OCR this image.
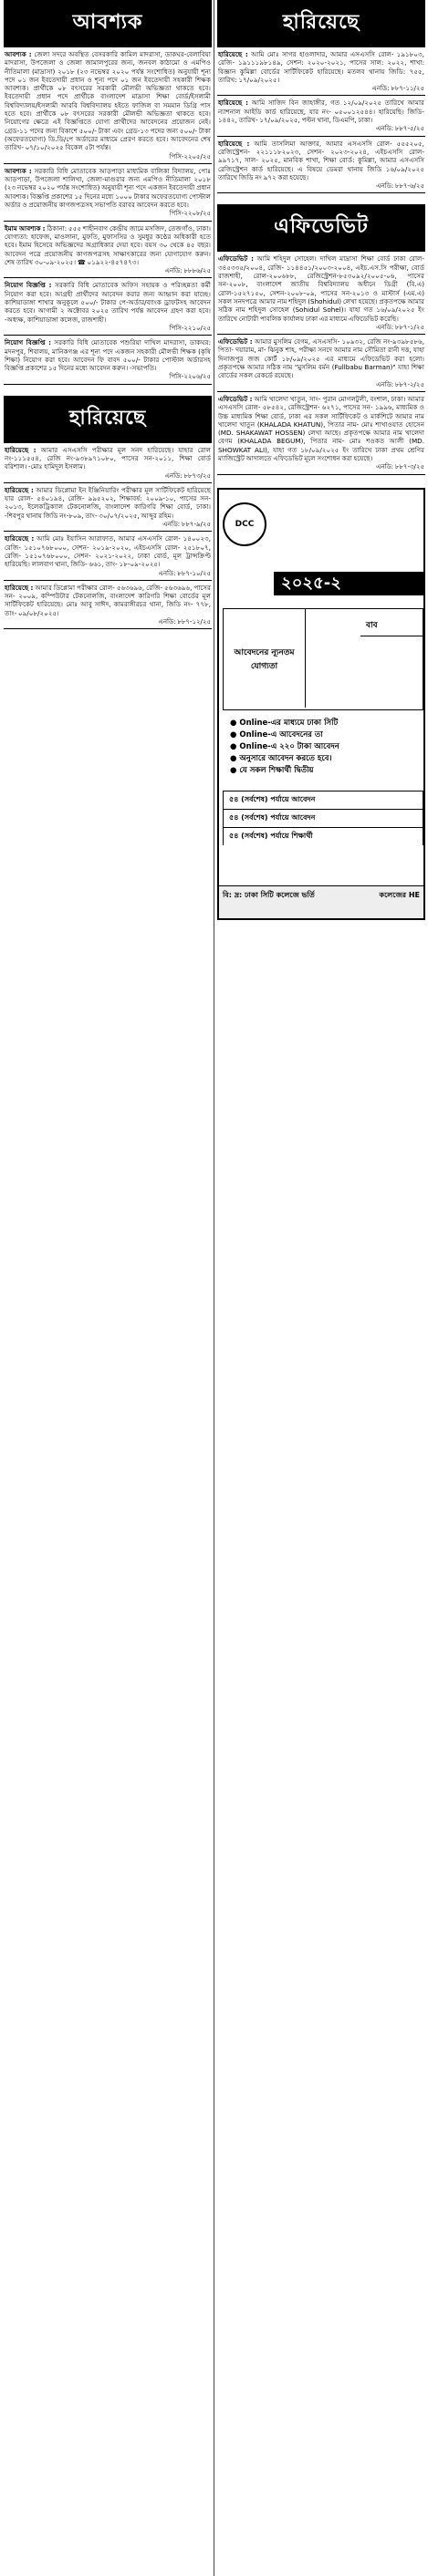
আবশ্যক
আবশ্যক : জেলা সদরে অবস্থিত বেসরকারি কামিল মাদরাসা, ডাকঘর-বেলাবিয়া মাদরাসা, উপজেলা ও জেলা জামালপুরের জন্য, জনবল কাঠামো ও এমপিও নীতিমালা (মাদ্রাসা) ২০১৮ (২৩ নভেম্বর ২০২০ পর্যন্ত সংশোধিত) অনুযায়ী শূন্য পদে ০১ জন ইবতেদায়ী প্রধান ও শূন্য পদে ০১ জন ইবতেদায়ী সহকারী শিক্ষক আবশ্যক। প্রার্থীকে ০৮ বৎসরের সরকারী মৌলভী অভিজ্ঞতা থাকতে হবে। ইবতেদায়ী প্রধান পদে প্রার্থীকে বাংলাদেশ মাদ্রাসা শিক্ষা বোর্ড/ইসলামী বিশ্ববিদ্যালয়/ইসলামী আরবি বিশ্ববিদ্যালয় হইতে ফাজিল বা সমমান ডিগ্রি পাস হতে হবে। প্রার্থীকে ০৮ বৎসরের সরকারী মৌলভী অভিজ্ঞতা থাকতে হবে। নিয়োগের ক্ষেত্রে এই বিজ্ঞপ্তিতে যোগ্য প্রার্থীদের আবেদনের প্রয়োজন নেই। গ্রেড-১১ পদের জন্য বিকাশে ৫০০/- টাকা এবং গ্রেড-১৩ পদের জন্য ৫০০/- টাকা (অফেরতযোগ্য) ডি.ডি/পে অর্ডারের মাধ্যমে প্রেরণ করতে হবে। আবেদনের শেষ তারিখ- ০৭/১০/২০২৫ বিকেল ৫টা পর্যন্ত।
পিসি-২২০৫/২৫
আবশ্যক : সরকারি বিধি মোতাবেক আড়পাড়া মাধ্যমিক বালিকা বিদ্যালয়, পোঃ আড়পাড়া, উপজেলা শালিখা, জেলা-মাগুরার জন্য এমপিও নীতিমালা ২০১৮ (২৩ নভেম্বর ২০২০ পর্যন্ত সংশোধিত) অনুযায়ী শূন্য পদে একজন ইবতেদায়ী প্রধান আবশ্যক। বিজ্ঞপ্তি প্রকাশের ১৫ দিনের মধ্যে ১০০০ টাকার অফেরতযোগ্য পোস্টাল অর্ডার ও প্রয়োজনীয় কাগজপত্রসহ সভাপতি বরাবর আবেদন করতে হবে।
পিসি-২২০৮/২৫
ইমাম আবশ্যক : ঠিকানা: ৫৫৫ শাহীনবাগ কেন্দ্রীয় জামে মসজিদ, তেজগাঁও, ঢাকা। যোগ্যতা: হাফেজ, মাওলানা, মুফতি, মুফাসসির ও সুমধুর কণ্ঠের অধিকারী হতে হবে। ইমাম হিসেবে অভিজ্ঞদের অগ্রাধিকার দেয়া হবে। বয়স ৩০ থেকে ৪৫ বছর। আবেদন পত্রে প্রয়োজনীয় কাগজপত্রসহ সাক্ষাৎকারের জন্য যোগাযোগ করুন। শেষ তারিখ ৩০-০৯-২০২৫। ☎ ০১৯২২-৪৫৭৪৭৩।
এনডি: ৮৮৮৬/২৫
নিয়োগ বিজ্ঞপ্তি : সরকারি বিধি মোতাবেক অফিস সহায়ক ও পরিচ্ছন্নতা কর্মী নিয়োগ করা হবে। আগ্রহী প্রার্থীদের আবেদন করার জন্য আহ্বান করা যাচ্ছে। কাশিয়াডাঙ্গা শাখার অনুকূলে ৫০০/- টাকার পে-অর্ডার/ব্যাংক ড্রাফটসহ আবেদন করতে হবে। আগামী ২ অক্টোবর ২০২৫ তারিখ পর্যন্ত আবেদন গ্রহণ করা হবে। -অধ্যক্ষ, কাশিয়াডাঙ্গা কলেজ, রাজশাহী।
পিসি-২২১০/২৫
নিয়োগ বিজ্ঞপ্তি : সরকারি বিধি মোতাবেক পশুরিয়া দাখিল মাদরাসা, ডাকঘর: মদনপুর, শিবালয়, মানিকগঞ্জ এর শূন্য পদে একজন সহকারী মৌলভী শিক্ষক (কৃষি শিক্ষা) নিয়োগ করা হবে। আবেদন ফি বাবদ ৫০০/- টাকার পোস্টাল অর্ডারসহ বিজ্ঞপ্তি প্রকাশের ১৫ দিনের মধ্যে আবেদন করুন। -সভাপতি।
পিসি-২২০৬/২৫
হারিয়েছে
হারিয়েছে : আমার এসএসসি পরীক্ষার মূল সনদ হারিয়েছে। যাহার রোল নং-১১১৫৫৪, রেজি নং-৯৩৮৯৭১০৮০, পাসের সন-২০১১, শিক্ষা বোর্ড বরিশাল। -মোঃ হামিদুল ইসলাম।
এনডি: ৮৮৭৩/২৫
হারিয়েছে : আমার ডিপ্লোমা ইন ইঞ্জিনিয়ারিং পরীক্ষার মূল সার্টিফিকেট হারিয়েছে যার রোল- ৫৪০১৯৪, রেজি- ৯৯৫২০২, শিক্ষাবর্ষ: ২০০৯-১০, পাসের সন- ২০১৩, ইলেকট্রিক্যাল টেকনোলজি, বাংলাদেশ কারিগরি শিক্ষা বোর্ড, ঢাকা। -শিবপুর থানায় জিডি নং-৮০৯, তাং- ৩০/০৭/২০২৫, আব্দুর রহিম।
এনডি: ৮৮৭-৯/২৫
হারিয়েছে : আমি মোঃ ইয়াসিন আরাফাত, আমার এসএসসি রোল- ১৪০০২৩, রেজি- ১৫১০৭৬৮০০০, সেশন- ২০১৯-২০২০, এইচএসসি রোল- ২৫১৮০৭, রেজি- ১৫১০৭৬৮০০০, সেশন- ২০২১-২০২২, ঢাকা বোর্ড, মূল ট্রান্সক্রিপ্ট হারিয়েছি। লালবাগ থানা, জিডি- ৬৬১, তাং- ১৮-০৯-২০২৫।
এনডি: ৮৮৭-১০/২৫
হারিয়েছে : আমার ডিপ্লোমা পরীক্ষার রোল- ৫৬৩৬৯৬, রেজি- ৫৬৩৬৯৬, পাসের সন- ২০০৯, কম্পিউটার টেকনোলজি, বাংলাদেশ কারিগরি শিক্ষা বোর্ডের মূল সার্টিফিকেট হারিয়েছে। মোঃ আবু সাঈদ, কামরাঙ্গীরচর থানা, জিডি নং- ৭৭৮, তাং- ০৯/০৮/২০২৫।
এনডি: ৮৮৭-১২/২৫
হারিয়েছে
হারিয়েছে : আমি মোঃ সাগর হাওলাদার, আমার এসএসসি রোল- ১৯১৮০৩, রেজি- ১৯১১১৯৮১৪৯, সেশন: ২০২০-২০২১, পাসের সাল: ২০২২, শাখা: বিজ্ঞান কুমিল্লা বোর্ডের সার্টিফিকেট হারিয়েছে। মতলব থানায় জিডি: ৭৫৫, তারিখ: ১৭/০৯/২০২৫।
এনডি: ৮৮৭-১১/২৫
হারিয়েছে : আমি সাজিদ বিন জাহাঙ্গীর, গত ১২/০৯/২০২৫ তারিখে আমার ন্যাশনাল আইডি কার্ড হারিয়েছে, যার নং- ০৫০০১২৫৪৪। হারিয়েছি। জিডি- ১৪৪২, তারিখ- ১৭/০৯/২০২৫, পল্টন থানা, ডিএমপি, ঢাকা।
এনডি: ৮৮৭-৫/২৫
হারিয়েছে : আমি তাসলিমা আক্তার, আমার এসএসসি রোল- ৫৫৫২০৫, রেজিস্ট্রেশন- ২২১১১৮২০২৩, সেশন- ২০২৩-২০২৪, এইচএসসি রোল- ৯৯৭১৭, সাল- ২০২৫, মানবিক শাখা, শিক্ষা বোর্ড: কুমিল্লা, আমার এসএসসি রেজিস্ট্রেশন কার্ড হারিয়েছে। এ বিষয়ে ডেমরা থানায় জিডি ১৬/০৯/২০২৫ তারিখে জিডি নং ৯৭২ করা হয়েছে।
এনডি: ৮৮৭-৬/২৫
এফিডেভিট
এফিডেভিট : আমি শহিদুল সোহেল। দাখিল মাদ্রাসা শিক্ষা বোর্ড ঢাকা রোল- ৩৪৫৩৩৫/২০০৪, রেজি- ১১৪৪৫১/২০০৩-২০০৪, এইচ.এস.সি পরীক্ষা, বোর্ড রাজশাহী, রোল-২০০৬৮৮, রেজিস্ট্রেশন-৮৫৩০৯২/২০০৫-০৬, পাসের সন-২০০৮, বাংলাদেশ জাতীয় বিশ্ববিদ্যালয় অধীনে ডিগ্রী (বি.এ) রোল-১৫২৭১৫০, সেশন-২০০৮-০৯, পাসের সন-২০১৩ ও মাস্টার্স (এম.এ) সকল সনদপত্রে আমার নাম শহিদুল (Shohidul) লেখা হয়েছে। প্রকৃতপক্ষে আমার সঠিক নাম শহিদুল সোহেল (Sohidul Sohel)। যাহা গত ১৬/০৯/২০২৫ ইং তারিখে নোটারী পাবলিক কার্যালয় ঢাকা এর মাধ্যমে এফিডেভিট করেছি।
এনডি: ৮৮৭-১/২৫
এফিডেভিট : আমার মুসলিম বেগম, এসএসসি- ১০৯৩২, রেজি নং-৯৩৯৮৫৮৬, পিতা- দয়ারাম, মা- ঝিনুক শাহ, পরীক্ষা সনদে আমার নাম সৌমিতা রানী দত্ত, যাহা দিনাজপুর জজ কোর্ট ১৮/০৯/২০২৫ এর মাধ্যমে এফিডেভিট করা হলো। প্রকৃতপক্ষে আমার সঠিক নাম "মুসলিম বর্মন (Fullbabu Barman)" যাহা শিক্ষা বোর্ডের সকল রেকর্ডে রয়েছে।
এনডি: ৮৮৭-২/২৫
এফিডেভিট : আমি খালেদা খাতুন, সাং- পুরান মোগলটুলী, বংশাল, ঢাকা। আমার এসএসসি রোল- ৫৮৫৪২, রেজিস্ট্রেশন- ৬২৭১, পাসের সন- ১৯৯৬, মাধ্যমিক ও উচ্চ মাধ্যমিক শিক্ষা বোর্ড, ঢাকা এর সকল সার্টিফিকেট ও মার্কশিটে আমার নাম খালেদা খাতুন (KHALADA KHATUN), পিতার নাম- মোঃ শাখাওয়াত হোসেন (MD. SHAKAWAT HOSSEN) লেখা আছে। প্রকৃতপক্ষে আমার নাম খালেদা বেগম (KHALADA BEGUM), পিতার নাম- মোঃ শওকত আলী (MD. SHOWKAT ALI), যাহা গত ১৮/০৯/২০২৫ ইং তারিখে ঢাকা প্রথম শ্রেণির ম্যাজিস্ট্রেট আদালতে এফিডেভিট মূলে সংশোধন করা হয়েছে।
এনডি: ৮৮৭-৩/২৫
DCC
২০২৫-২
আবেদনের ন্যূনতম যোগ্যতা
বাব
● Online-এর মাধ্যমে ঢাকা সিটি
● Online-এ আবেদনের তা
● Online-এ ২২০ টাকা আবেদন
● অনুসারে আবেদন করতে হবে।
● যে সকল শিক্ষার্থী দ্বিতীয়
৫৪ (সর্বশেষ) পর্যায়ে আবেদন
৫৪ (সর্বশেষ) পর্যায়ে আবেদন
৫৪ (সর্বশেষ) পর্যায়ে শিক্ষার্থী
বি: দ্র: ঢাকা সিটি কলেজে ভর্তি	কলেজের HE
